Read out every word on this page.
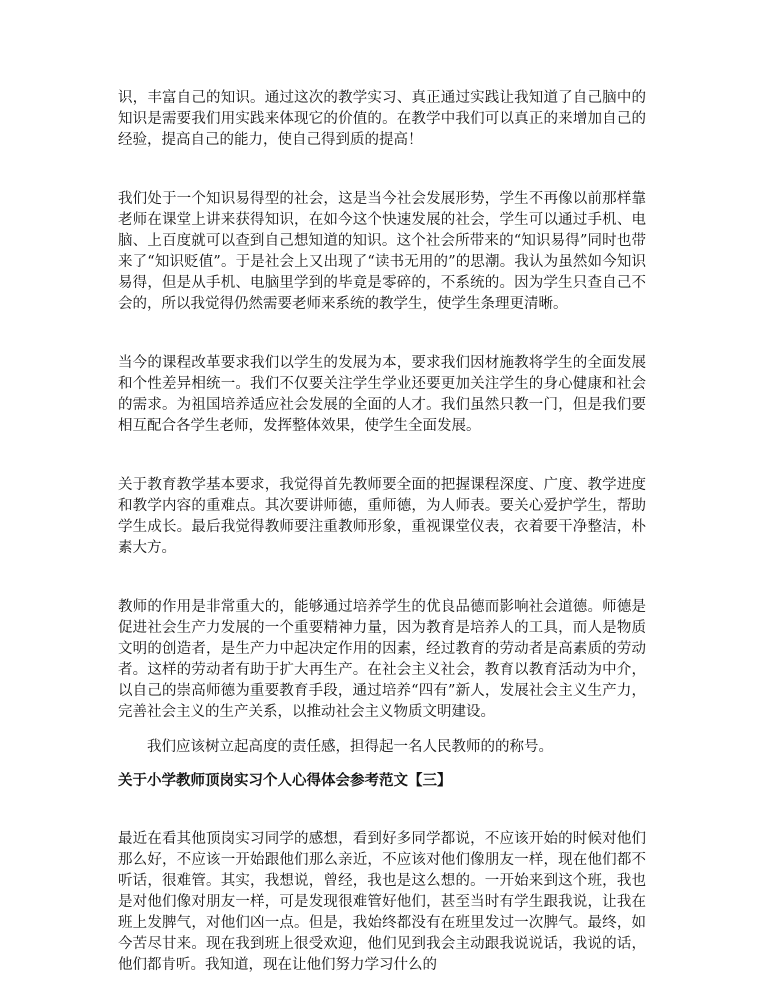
识，丰富自己的知识。通过这次的教学实习、真正通过实践让我知道了自己脑中的知识是需要我们用实践来体现它的价值的。在教学中我们可以真正的来增加自己的经验，提高自己的能力，使自己得到质的提高！

我们处于一个知识易得型的社会，这是当今社会发展形势，学生不再像以前那样靠老师在课堂上讲来获得知识，在如今这个快速发展的社会，学生可以通过手机、电脑、上百度就可以查到自己想知道的知识。这个社会所带来的“知识易得”同时也带来了“知识贬值”。于是社会上又出现了“读书无用的”的思潮。我认为虽然如今知识易得，但是从手机、电脑里学到的毕竟是零碎的，不系统的。因为学生只查自己不会的，所以我觉得仍然需要老师来系统的教学生，使学生条理更清晰。

当今的课程改革要求我们以学生的发展为本，要求我们因材施教将学生的全面发展和个性差异相统一。我们不仅要关注学生学业还要更加关注学生的身心健康和社会的需求。为祖国培养适应社会发展的全面的人才。我们虽然只教一门，但是我们要相互配合各学生老师，发挥整体效果，使学生全面发展。

关于教育教学基本要求，我觉得首先教师要全面的把握课程深度、广度、教学进度和教学内容的重难点。其次要讲师德，重师德，为人师表。要关心爱护学生，帮助学生成长。最后我觉得教师要注重教师形象，重视课堂仪表，衣着要干净整洁，朴素大方。

教师的作用是非常重大的，能够通过培养学生的优良品德而影响社会道德。师德是促进社会生产力发展的一个重要精神力量，因为教育是培养人的工具，而人是物质文明的创造者，是生产力中起决定作用的因素，经过教育的劳动者是高素质的劳动者。这样的劳动者有助于扩大再生产。在社会主义社会，教育以教育活动为中介，以自己的崇高师德为重要教育手段，通过培养“四有”新人，发展社会主义生产力，完善社会主义的生产关系，以推动社会主义物质文明建设。

我们应该树立起高度的责任感，担得起一名人民教师的的称号。

关于小学教师顶岗实习个人心得体会参考范文【三】

最近在看其他顶岗实习同学的感想，看到好多同学都说，不应该开始的时候对他们那么好，不应该一开始跟他们那么亲近，不应该对他们像朋友一样，现在他们都不听话，很难管。其实，我想说，曾经，我也是这么想的。一开始来到这个班，我也是对他们像对朋友一样，可是发现很难管好他们，甚至当时有学生跟我说，让我在班上发脾气，对他们凶一点。但是，我始终都没有在班里发过一次脾气。最终，如今苦尽甘来。现在我到班上很受欢迎，他们见到我会主动跟我说说话，我说的话，他们都肯听。我知道，现在让他们努力学习什么的
